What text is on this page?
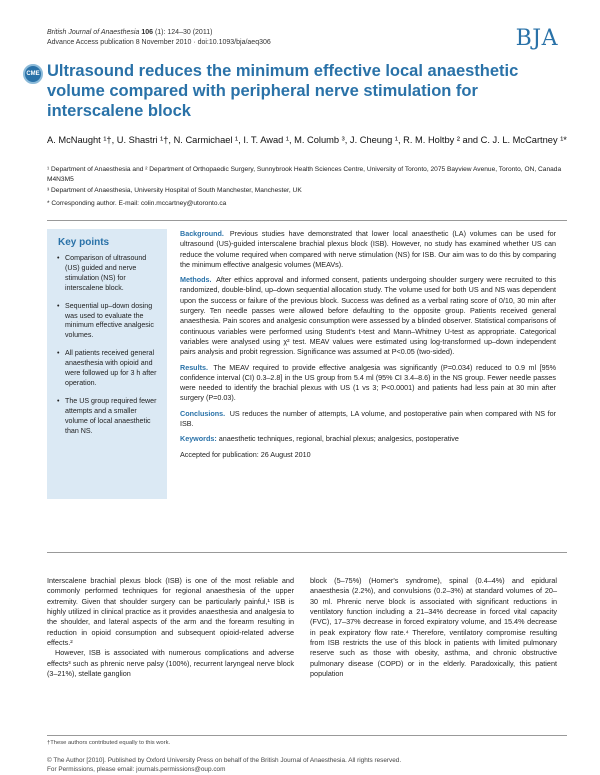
British Journal of Anaesthesia 106 (1): 124–30 (2011)
Advance Access publication 8 November 2010 · doi:10.1093/bja/aeq306	BJA
CME Ultrasound reduces the minimum effective local anaesthetic volume compared with peripheral nerve stimulation for interscalene block
A. McNaught ¹†, U. Shastri ¹†, N. Carmichael ¹, I. T. Awad ¹, M. Columb ³, J. Cheung ¹, R. M. Holtby ² and C. J. L. McCartney ¹*

¹ Department of Anaesthesia and ² Department of Orthopaedic Surgery, Sunnybrook Health Sciences Centre, University of Toronto, 2075 Bayview Avenue, Toronto, ON, Canada M4N3M5

³ Department of Anaesthesia, University Hospital of South Manchester, Manchester, UK

* Corresponding author. E-mail: colin.mccartney@utoronto.ca

Key points
• Comparison of ultrasound (US) guided and nerve stimulation (NS) for interscalene block.
• Sequential up–down dosing was used to evaluate the minimum effective analgesic volumes.
• All patients received general anaesthesia with opioid and were followed up for 3 h after operation.
• The US group required fewer attempts and a smaller volume of local anaesthetic than NS.

Background. Previous studies have demonstrated that lower local anaesthetic (LA) volumes can be used for ultrasound (US)-guided interscalene brachial plexus block (ISB). However, no study has examined whether US can reduce the volume required when compared with nerve stimulation (NS) for ISB. Our aim was to do this by comparing the minimum effective analgesic volumes (MEAVs).

Methods. After ethics approval and informed consent, patients undergoing shoulder surgery were recruited to this randomized, double-blind, up–down sequential allocation study. The volume used for both US and NS was dependent upon the success or failure of the previous block. Success was defined as a verbal rating score of 0/10, 30 min after surgery. Ten needle passes were allowed before defaulting to the opposite group. Patients received general anaesthesia. Pain scores and analgesic consumption were assessed by a blinded observer. Statistical comparisons of continuous variables were performed using Student's t-test and Mann–Whitney U-test as appropriate. Categorical variables were analysed using χ² test. MEAV values were estimated using log-transformed up–down independent pairs analysis and probit regression. Significance was assumed at P<0.05 (two-sided).

Results. The MEAV required to provide effective analgesia was significantly (P=0.034) reduced to 0.9 ml [95% confidence interval (CI) 0.3–2.8] in the US group from 5.4 ml (95% CI 3.4–8.6) in the NS group. Fewer needle passes were needed to identify the brachial plexus with US (1 vs 3; P<0.0001) and patients had less pain at 30 min after surgery (P=0.03).

Conclusions. US reduces the number of attempts, LA volume, and postoperative pain when compared with NS for ISB.

Keywords: anaesthetic techniques, regional, brachial plexus; analgesics, postoperative

Accepted for publication: 26 August 2010

Interscalene brachial plexus block (ISB) is one of the most reliable and commonly performed techniques for regional anaesthesia of the upper extremity. Given that shoulder surgery can be particularly painful,¹ ISB is highly utilized in clinical practice as it provides anaesthesia and analgesia to the shoulder, and lateral aspects of the arm and the forearm resulting in reduction in opioid consumption and subsequent opioid-related adverse effects.²

However, ISB is associated with numerous complications and adverse effects³ such as phrenic nerve palsy (100%), recurrent laryngeal nerve block (3–21%), stellate ganglion

block (5–75%) (Horner's syndrome), spinal (0.4–4%) and epidural anaesthesia (2.2%), and convulsions (0.2–3%) at standard volumes of 20–30 ml. Phrenic nerve block is associated with significant reductions in ventilatory function including a 21–34% decrease in forced vital capacity (FVC), 17–37% decrease in forced expiratory volume, and 15.4% decrease in peak expiratory flow rate.⁴ Therefore, ventilatory compromise resulting from ISB restricts the use of this block in patients with limited pulmonary reserve such as those with obesity, asthma, and chronic obstructive pulmonary disease (COPD) or in the elderly. Paradoxically, this patient population

†These authors contributed equally to this work.
© The Author [2010]. Published by Oxford University Press on behalf of the British Journal of Anaesthesia. All rights reserved.
For Permissions, please email: journals.permissions@oup.com
